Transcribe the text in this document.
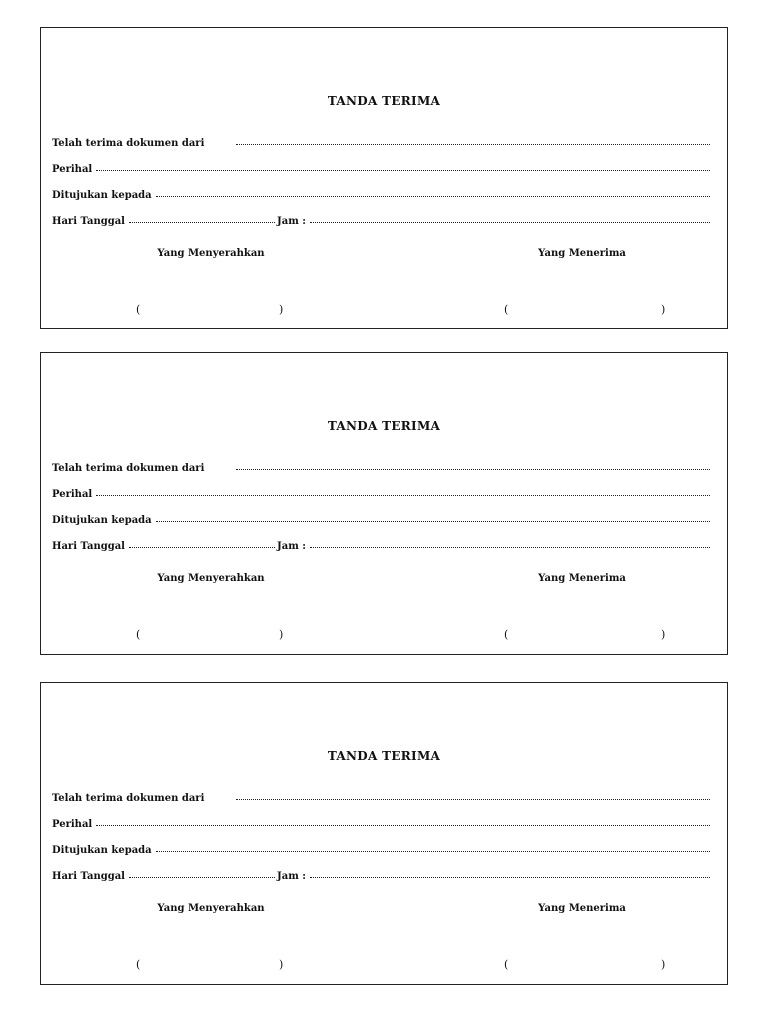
TANDA TERIMA
Telah terima dokumen dari
Perihal
Ditujukan kepada
Hari Tanggal	Jam :
Yang Menyerahkan	Yang Menerima
(	)	(	)
TANDA TERIMA
Telah terima dokumen dari
Perihal
Ditujukan kepada
Hari Tanggal	Jam :
Yang Menyerahkan	Yang Menerima
(	)	(	)
TANDA TERIMA
Telah terima dokumen dari
Perihal
Ditujukan kepada
Hari Tanggal	Jam :
Yang Menyerahkan	Yang Menerima
(	)	(	)
